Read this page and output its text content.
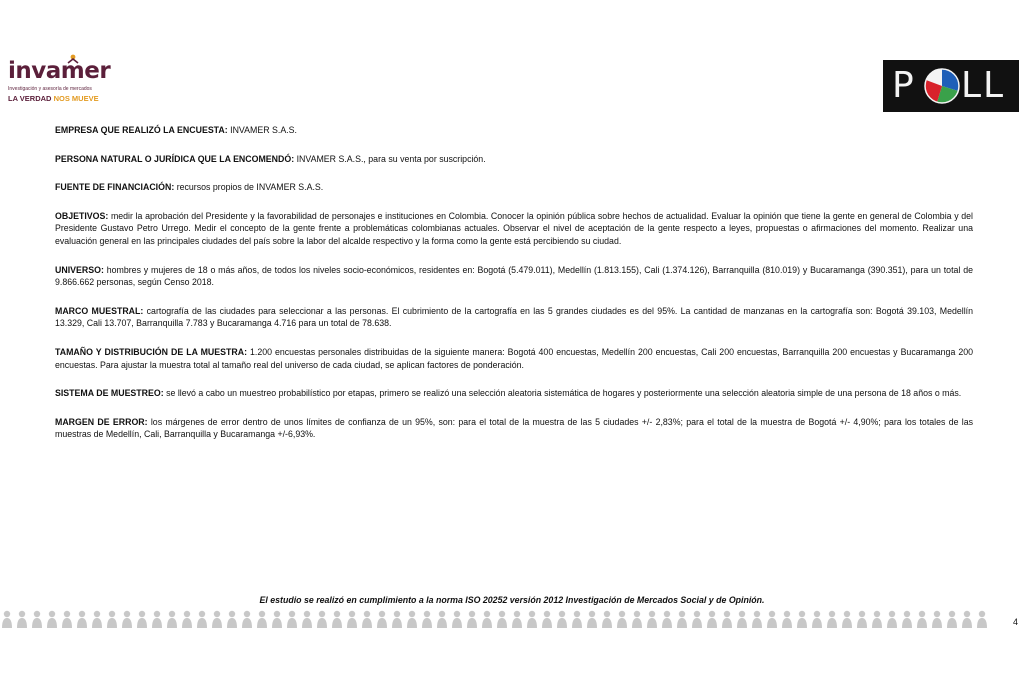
invamer
Investigación y asesoría de mercados
LA VERDAD NOS MUEVE	P LL

EMPRESA QUE REALIZÓ LA ENCUESTA: INVAMER S.A.S.

PERSONA NATURAL O JURÍDICA QUE LA ENCOMENDÓ: INVAMER S.A.S., para su venta por suscripción.

FUENTE DE FINANCIACIÓN: recursos propios de INVAMER S.A.S.

OBJETIVOS: medir la aprobación del Presidente y la favorabilidad de personajes e instituciones en Colombia. Conocer la opinión pública sobre hechos de actualidad. Evaluar la opinión que tiene la gente en general de Colombia y del Presidente Gustavo Petro Urrego. Medir el concepto de la gente frente a problemáticas colombianas actuales. Observar el nivel de aceptación de la gente respecto a leyes, propuestas o afirmaciones del momento. Realizar una evaluación general en las principales ciudades del país sobre la labor del alcalde respectivo y la forma como la gente está percibiendo su ciudad.

UNIVERSO: hombres y mujeres de 18 o más años, de todos los niveles socio-económicos, residentes en: Bogotá (5.479.011), Medellín (1.813.155), Cali (1.374.126), Barranquilla (810.019) y Bucaramanga (390.351), para un total de 9.866.662 personas, según Censo 2018.

MARCO MUESTRAL: cartografía de las ciudades para seleccionar a las personas. El cubrimiento de la cartografía en las 5 grandes ciudades es del 95%. La cantidad de manzanas en la cartografía son: Bogotá 39.103, Medellín 13.329, Cali 13.707, Barranquilla 7.783 y Bucaramanga 4.716 para un total de 78.638.

TAMAÑO Y DISTRIBUCIÓN DE LA MUESTRA: 1.200 encuestas personales distribuidas de la siguiente manera: Bogotá 400 encuestas, Medellín 200 encuestas, Cali 200 encuestas, Barranquilla 200 encuestas y Bucaramanga 200 encuestas. Para ajustar la muestra total al tamaño real del universo de cada ciudad, se aplican factores de ponderación.

SISTEMA DE MUESTREO: se llevó a cabo un muestreo probabilístico por etapas, primero se realizó una selección aleatoria sistemática de hogares y posteriormente una selección aleatoria simple de una persona de 18 años o más.

MARGEN DE ERROR: los márgenes de error dentro de unos límites de confianza de un 95%, son: para el total de la muestra de las 5 ciudades +/- 2,83%; para el total de la muestra de Bogotá +/- 4,90%; para los totales de las muestras de Medellín, Cali, Barranquilla y Bucaramanga +/-6,93%.

El estudio se realizó en cumplimiento a la norma ISO 20252 versión 2012 Investigación de Mercados Social y de Opinión.
4
